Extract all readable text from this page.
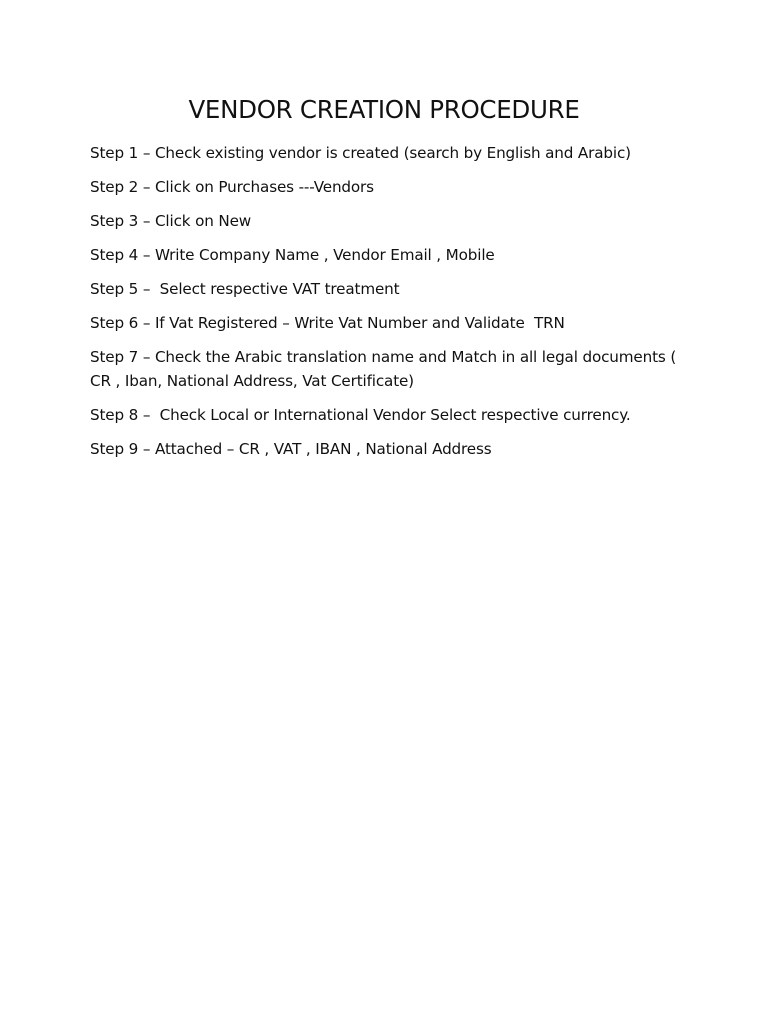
VENDOR CREATION PROCEDURE
Step 1 – Check existing vendor is created (search by English and Arabic)
Step 2 – Click on Purchases ---Vendors
Step 3 – Click on New
Step 4 – Write Company Name , Vendor Email , Mobile
Step 5 –  Select respective VAT treatment
Step 6 – If Vat Registered – Write Vat Number and Validate  TRN
Step 7 – Check the Arabic translation name and Match in all legal documents ( CR , Iban, National Address, Vat Certificate)
Step 8 –  Check Local or International Vendor Select respective currency.
Step 9 – Attached – CR , VAT , IBAN , National Address
